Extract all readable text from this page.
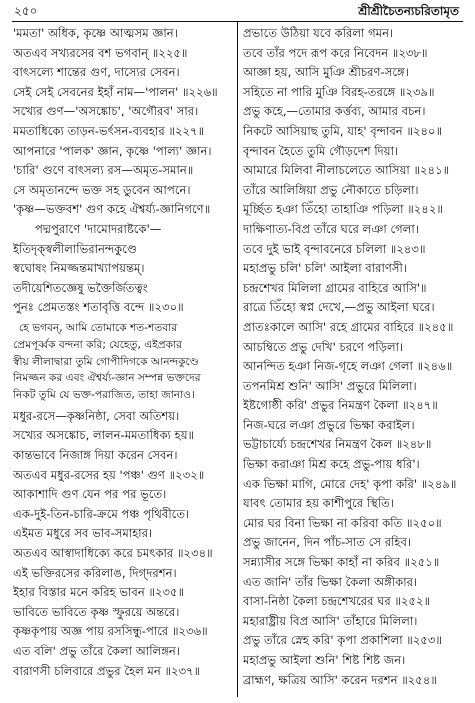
২৫০	শ্রীশ্রীচৈতন্যচরিতামৃত
'মমতা' অধিক, কৃষ্ণে আত্মসম জ্ঞান।
অতএব সখ্যরসের বশ ভগবান্ ॥২২৫॥
বাৎসল্যে শান্তের গুণ, দাস্যের সেবন।
সেই সেই সেবনের ইহাঁ নাম—'পালন' ॥২২৬॥
সখ্যের গুণ—'অসঙ্কোচ', 'অগৌরব' সার।
মমতাধিক্যে তাড়ন-ভর্ৎসন-ব্যবহার ॥২২৭॥
আপনারে 'পালক' জ্ঞান, কৃষ্ণে 'পাল্য' জ্ঞান।
'চারি' গুণে বাৎসল্য রস—অমৃত-সমান॥
সে অমৃতানন্দে ভক্ত সহ ডুবেন আপনে।
'কৃষ্ণ—ভক্তবশ' গুণ কহে ঐশ্বর্য্য-জ্ঞানিগণে॥
পদ্মপুরাণে 'দামোদরাষ্টকে'—
ইতিদৃক্স্বলীলাভিরানন্দকুণ্ডে
স্বঘোষং নিমজ্জন্তমাখ্যাপয়ন্তম্।
তদীয়েশিতজ্ঞেষু ভক্তৈর্জিতত্বং
পুনঃ প্রেমতস্তং শতাবৃত্তি বন্দে ॥২৩০॥
হে ভগবন্, আমি তোমাকে শত-শতবার
প্রেমপূর্ব্বক বন্দনা করি; যেহেতু, এইপ্রকার
স্বীয় লীলাদ্বারা তুমি গোপীদিগকে আনন্দকুণ্ডে
নিমজ্জন কর এবং ঐশ্বর্য্য-জ্ঞান সম্পন্ন ভক্তদের
নিকট তুমি যে ভক্ত-পরাজিত, তাহা জানাও।
মধুর-রসে—কৃষ্ণনিষ্ঠা, সেবা অতিশয়।
সখ্যের অসঙ্কোচ, লালন-মমতাধিক্য হয়॥
কান্তভাবে নিজাঙ্গ দিয়া করেন সেবন।
অতএব মধুর-রসের হয় 'পঞ্চ' গুণ ॥২৩২॥
আকাশাদি গুণ যেন পর পর ভূতে।
এক-দুই-তিন-চারি-ক্রমে পঞ্চ পৃথিবীতে।
এইমত মধুরে সব ভাব-সমাহার।
অতএব আস্বাদাধিক্যে করে চমৎকার ॥২৩৪॥
এই ভক্তিরসের করিলাঙ, দিগ্‌দরশন।
ইহার বিস্তার মনে করিহ ভাবন ॥২৩৫॥
ভাবিতে ভাবিতে কৃষ্ণ স্ফুরয়ে অন্তরে।
কৃষ্ণকৃপায় অজ্ঞ পায় রসসিন্ধু-পারে ॥২৩৬॥
এত বলি' প্রভু তাঁরে কৈলা আলিঙ্গন।
বারাণসী চলিবারে প্রভুর হৈল মন ॥২৩৭॥
প্রভাতে উঠিয়া যবে করিলা গমন।
তবে তাঁর পদে রূপ করে নিবেদন ॥২৩৮॥
আজ্ঞা হয়, আসি মুঞি শ্রীচরণ-সঙ্গে।
সহিতে না পারি মুঞি বিরহ-তরঙ্গে ॥২৩৯॥
প্রভু কহে,—তোমার কর্ত্তব্য, আমার বচন।
নিকটে আসিয়াছ তুমি, যাহ' বৃন্দাবন ॥২৪০॥
বৃন্দাবন হৈতে তুমি গৌড়দেশ দিয়া।
আমারে মিলিবা নীলাচলেতে আসিয়া ॥২৪১॥
তাঁরে আলিঙ্গিয়া প্রভু নৌকাতে চড়িলা।
মূর্চ্ছিত হঞা তিঁহো তাহাঞি পড়িলা ॥২৪২॥
দাক্ষিণাত্য-বিপ্র তাঁরে ঘরে লঞা গেলা।
তবে দুই ভাই বৃন্দাবনেরে চলিলা ॥২৪৩॥
মহাপ্রভু চলি' চলি' আইলা বারাণসী।
চন্দ্রশেখর মিলিলা গ্রামের বাহিরে আসি'॥
রাত্রে তিঁহো স্বপ্ন দেখে,—প্রভু আইলা ঘরে।
প্রাতঃকালে আসি' রহে গ্রামের বাহিরে ॥২৪৫॥
আচম্বিতে প্রভু দেখি' চরণে পড়িলা।
আনন্দিত হঞা নিজ-গৃহে লঞা গেলা ॥২৪৬॥
তপনমিশ্র শুনি' আসি' প্রভুরে মিলিলা।
ইষ্টগোষ্ঠী করি' প্রভুর নিমন্ত্রণ কৈলা ॥২৪৭॥
নিজ-ঘরে লঞা প্রভুরে ভিক্ষা করাইল।
ভট্টাচার্য্যে চন্দ্রশেখর নিমন্ত্রণ কৈল ॥২৪৮॥
ভিক্ষা করাঞা মিশ্র কহে প্রভু-পায় ধরি'।
এক ভিক্ষা মাগি, মোরে দেহ' কৃপা করি' ॥২৪৯॥
যাবৎ তোমার হয় কাশীপুরে স্থিতি।
মোর ঘর বিনা ভিক্ষা না করিবা কতি ॥২৫০॥
প্রভু জানেন, দিন পাঁচ-সাত সে রহিব।
সন্ন্যাসীর সঙ্গে ভিক্ষা কাহাঁ না করিব ॥২৫১॥
এত জানি' তাঁর ভিক্ষা কৈলা অঙ্গীকার।
বাসা-নিষ্ঠা কৈলা চন্দ্রশেখরের ঘর ॥২৫২॥
মহারাষ্ট্রীয় বিপ্র আসি' তাঁহারে মিলিলা।
প্রভু তাঁরে স্নেহ করি' কৃপা প্রকাশিলা ॥২৫৩॥
মহাপ্রভু আইলা শুনি' শিষ্ট শিষ্ট জন।
ব্রাহ্মণ, ক্ষত্রিয় আসি' করেন দরশন ॥২৫৪॥
